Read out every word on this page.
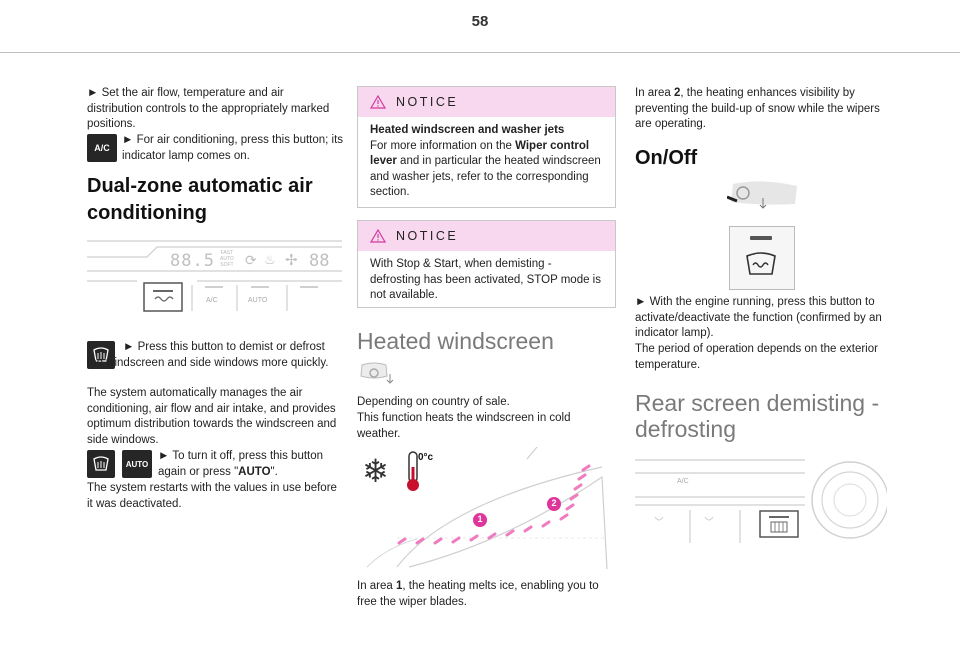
58
► Set the air flow, temperature and air distribution controls to the appropriately marked positions.
A/C
► For air conditioning, press this button; its indicator lamp comes on.
Dual-zone automatic air conditioning
88.5 FAST
AUTO
SOFT ⟳ ♨ ✢ 88
A/C	AUTO
► Press this button to demist or defrost the windscreen and side windows more quickly.
The system automatically manages the air conditioning, air flow and air intake, and provides optimum distribution towards the windscreen and side windows.
AUTO
► To turn it off, press this button again or press "AUTO".
The system restarts with the values in use before it was deactivated.
NOTICE
Heated windscreen and washer jets
For more information on the Wiper control lever and in particular the heated windscreen and washer jets, refer to the corresponding section.
NOTICE
With Stop & Start, when demisting - defrosting has been activated, STOP mode is not available.
Heated windscreen
Depending on country of sale.
This function heats the windscreen in cold weather.
❄	0°c
1
2
In area 1, the heating melts ice, enabling you to free the wiper blades.
In area 2, the heating enhances visibility by preventing the build-up of snow while the wipers are operating.
On/Off
► With the engine running, press this button to activate/deactivate the function (confirmed by an indicator lamp).
The period of operation depends on the exterior temperature.
Rear screen demisting - defrosting
A/C
